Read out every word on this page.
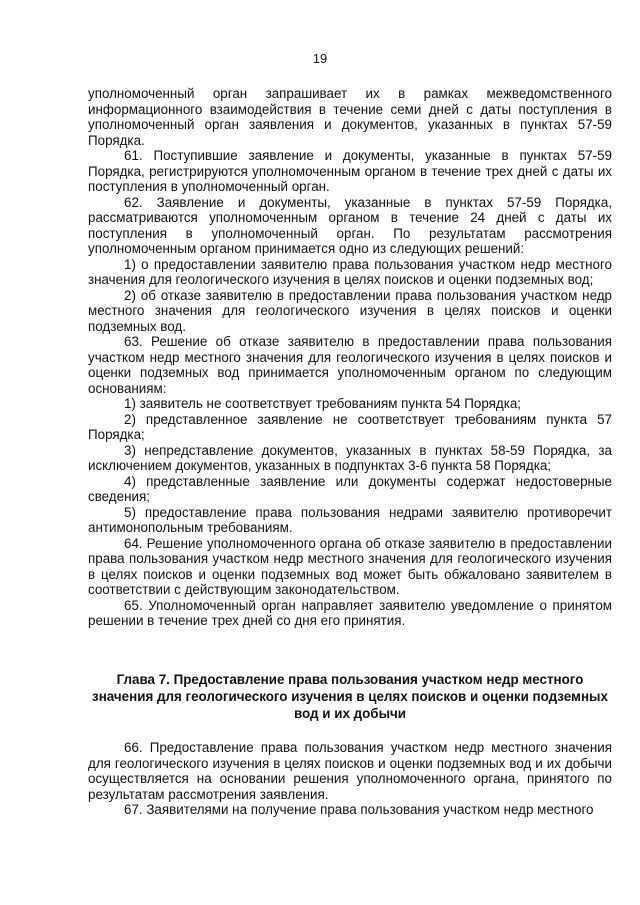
19

уполномоченный орган запрашивает их в рамках межведомственного информационного взаимодействия в течение семи дней с даты поступления в уполномоченный орган заявления и документов, указанных в пунктах 57-59 Порядка.

61. Поступившие заявление и документы, указанные в пунктах 57-59 Порядка, регистрируются уполномоченным органом в течение трех дней с даты их поступления в уполномоченный орган.

62. Заявление и документы, указанные в пунктах 57-59 Порядка, рассматриваются уполномоченным органом в течение 24 дней с даты их поступления в уполномоченный орган. По результатам рассмотрения уполномоченным органом принимается одно из следующих решений:

1) о предоставлении заявителю права пользования участком недр местного значения для геологического изучения в целях поисков и оценки подземных вод;

2) об отказе заявителю в предоставлении права пользования участком недр местного значения для геологического изучения в целях поисков и оценки подземных вод.

63. Решение об отказе заявителю в предоставлении права пользования участком недр местного значения для геологического изучения в целях поисков и оценки подземных вод принимается уполномоченным органом по следующим основаниям:

1) заявитель не соответствует требованиям пункта 54 Порядка;

2) представленное заявление не соответствует требованиям пункта 57 Порядка;

3) непредставление документов, указанных в пунктах 58-59 Порядка, за исключением документов, указанных в подпунктах 3-6 пункта 58 Порядка;

4) представленные заявление или документы содержат недостоверные сведения;

5) предоставление права пользования недрами заявителю противоречит антимонопольным требованиям.

64. Решение уполномоченного органа об отказе заявителю в предоставлении права пользования участком недр местного значения для геологического изучения в целях поисков и оценки подземных вод может быть обжаловано заявителем в соответствии с действующим законодательством.

65. Уполномоченный орган направляет заявителю уведомление о принятом решении в течение трех дней со дня его принятия.

Глава 7. Предоставление права пользования участком недр местного значения для геологического изучения в целях поисков и оценки подземных вод и их добычи

66. Предоставление права пользования участком недр местного значения для геологического изучения в целях поисков и оценки подземных вод и их добычи осуществляется на основании решения уполномоченного органа, принятого по результатам рассмотрения заявления.

67. Заявителями на получение права пользования участком недр местного
